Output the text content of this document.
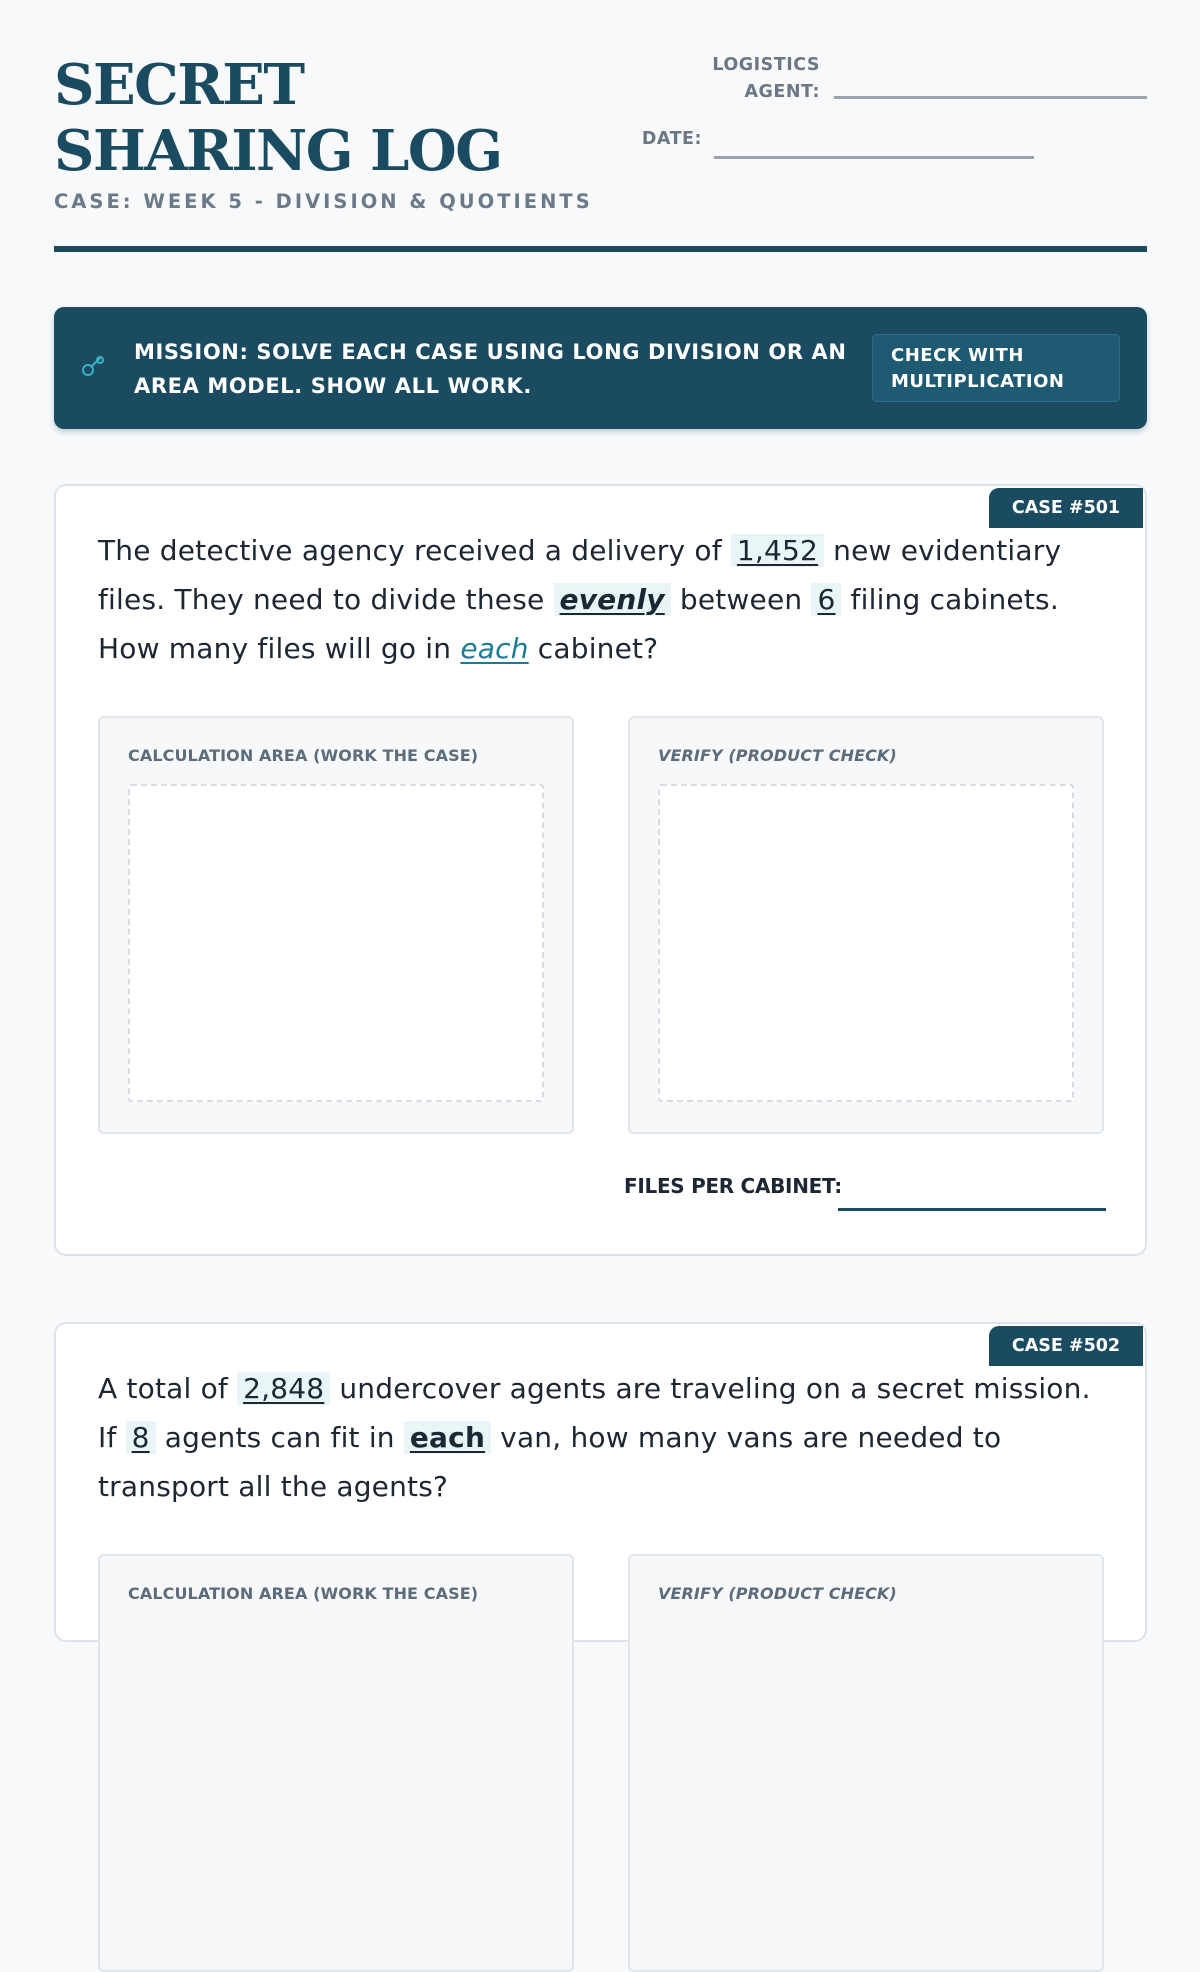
SECRET SHARING LOG
CASE: WEEK 5 - DIVISION & QUOTIENTS
LOGISTICS
AGENT:
DATE:
MISSION: SOLVE EACH CASE USING LONG DIVISION OR AN AREA MODEL. SHOW ALL WORK.
CHECK WITH MULTIPLICATION
CASE #501
The detective agency received a delivery of 1,452 new evidentiary files. They need to divide these evenly between 6 filing cabinets. How many files will go in each cabinet?
CALCULATION AREA (WORK THE CASE)	VERIFY (PRODUCT CHECK)
FILES PER CABINET:
CASE #502
A total of 2,848 undercover agents are traveling on a secret mission. If 8 agents can fit in each van, how many vans are needed to transport all the agents?
CALCULATION AREA (WORK THE CASE)	VERIFY (PRODUCT CHECK)
